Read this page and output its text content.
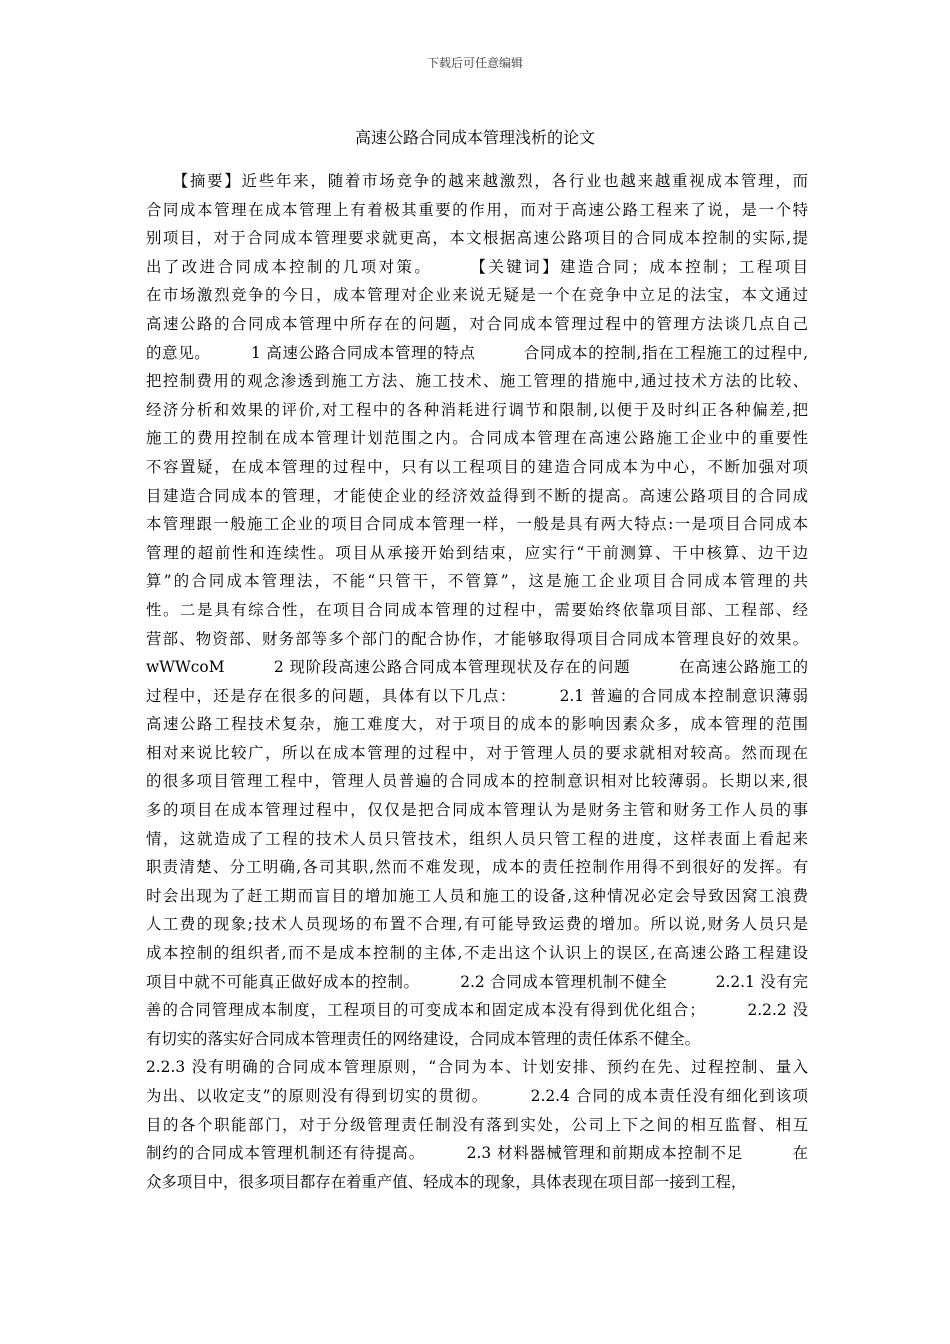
下载后可任意编辑
高速公路合同成本管理浅析的论文
　　【摘要】近些年来，随着市场竞争的越来越激烈，各行业也越来越重视成本管理，而
合同成本管理在成本管理上有着极其重要的作用，而对于高速公路工程来了说，是一个特
别项目，对于合同成本管理要求就更高，本文根据高速公路项目的合同成本控制的实际,提
出了改进合同成本控制的几项对策。　　　【关键词】建造合同；成本控制；工程项目
在市场激烈竞争的今日，成本管理对企业来说无疑是一个在竞争中立足的法宝，本文通过
高速公路的合同成本管理中所存在的问题，对合同成本管理过程中的管理方法谈几点自己
的意见。　　　1 高速公路合同成本管理的特点　　　合同成本的控制,指在工程施工的过程中,
把控制费用的观念渗透到施工方法、施工技术、施工管理的措施中,通过技术方法的比较、
经济分析和效果的评价,对工程中的各种消耗进行调节和限制,以便于及时纠正各种偏差,把
施工的费用控制在成本管理计划范围之内。合同成本管理在高速公路施工企业中的重要性
不容置疑，在成本管理的过程中，只有以工程项目的建造合同成本为中心，不断加强对项
目建造合同成本的管理，才能使企业的经济效益得到不断的提高。高速公路项目的合同成
本管理跟一般施工企业的项目合同成本管理一样，一般是具有两大特点:一是项目合同成本
管理的超前性和连续性。项目从承接开始到结束，应实行“干前测算、干中核算、边干边
算”的合同成本管理法，不能“只管干，不管算”，这是施工企业项目合同成本管理的共
性。二是具有综合性，在项目合同成本管理的过程中，需要始终依靠项目部、工程部、经
营部、物资部、财务部等多个部门的配合协作，才能够取得项目合同成本管理良好的效果。
wWWcoM　　　2 现阶段高速公路合同成本管理现状及存在的问题　　　在高速公路施工的
过程中，还是存在很多的问题，具体有以下几点：　　　2.1 普遍的合同成本控制意识薄弱
高速公路工程技术复杂，施工难度大，对于项目的成本的影响因素众多，成本管理的范围
相对来说比较广，所以在成本管理的过程中，对于管理人员的要求就相对较高。然而现在
的很多项目管理工程中，管理人员普遍的合同成本的控制意识相对比较薄弱。长期以来,很
多的项目在成本管理过程中，仅仅是把合同成本管理认为是财务主管和财务工作人员的事
情，这就造成了工程的技术人员只管技术，组织人员只管工程的进度，这样表面上看起来
职责清楚、分工明确,各司其职,然而不难发现，成本的责任控制作用得不到很好的发挥。有
时会出现为了赶工期而盲目的增加施工人员和施工的设备,这种情况必定会导致因窝工浪费
人工费的现象;技术人员现场的布置不合理,有可能导致运费的增加。所以说,财务人员只是
成本控制的组织者,而不是成本控制的主体,不走出这个认识上的误区,在高速公路工程建设
项目中就不可能真正做好成本的控制。　　　2.2 合同成本管理机制不健全　　　2.2.1 没有完
善的合同管理成本制度，工程项目的可变成本和固定成本没有得到优化组合；　　　2.2.2 没
有切实的落实好合同成本管理责任的网络建设，合同成本管理的责任体系不健全。
2.2.3 没有明确的合同成本管理原则，“合同为本、计划安排、预约在先、过程控制、量入
为出、以收定支”的原则没有得到切实的贯彻。　　　2.2.4 合同的成本责任没有细化到该项
目的各个职能部门，对于分级管理责任制没有落到实处，公司上下之间的相互监督、相互
制约的合同成本管理机制还有待提高。　　　2.3 材料器械管理和前期成本控制不足　　　在
众多项目中，很多项目都存在着重产值、轻成本的现象，具体表现在项目部一接到工程，
